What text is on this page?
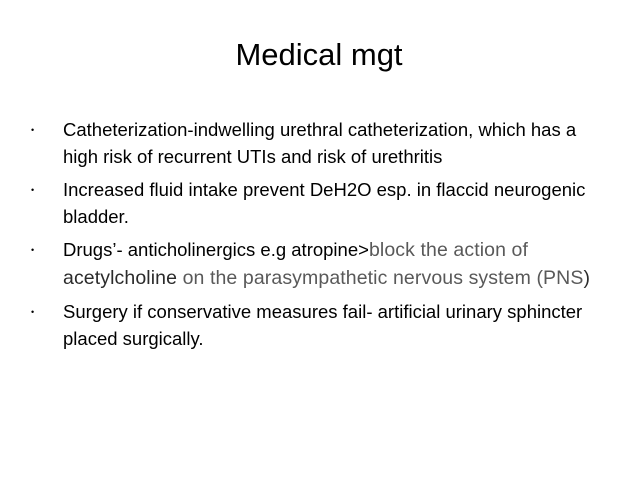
Medical mgt
• Catheterization-indwelling urethral catheterization, which has a high risk of recurrent UTIs and risk of urethritis
• Increased fluid intake prevent DeH2O esp. in flaccid neurogenic bladder.
• Drugs’- anticholinergics e.g atropine>block the action of acetylcholine on the parasympathetic nervous system (PNS)
• Surgery if conservative measures fail- artificial urinary sphincter placed surgically.
